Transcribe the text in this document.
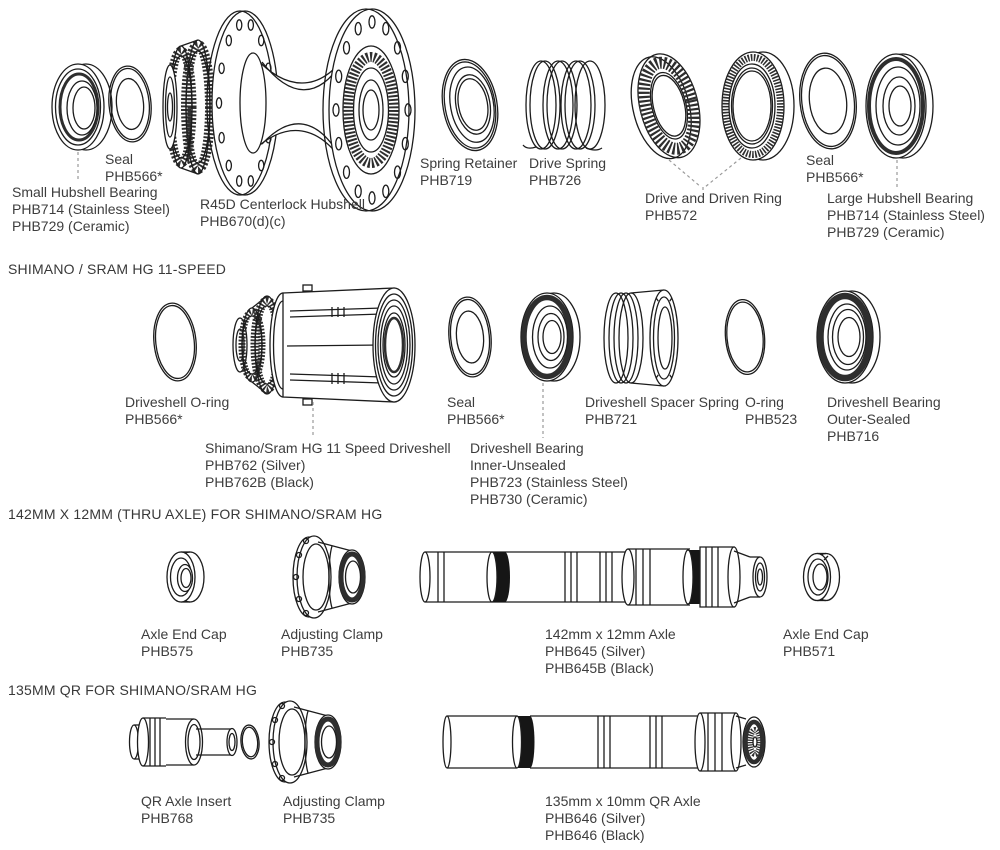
Seal
PHB566*
Small Hubshell Bearing
PHB714 (Stainless Steel)
PHB729 (Ceramic)
R45D Centerlock Hubshell
PHB670(d)(c)
Spring Retainer
PHB719
Drive Spring
PHB726
Drive and Driven Ring
PHB572
Seal
PHB566*
Large Hubshell Bearing
PHB714 (Stainless Steel)
PHB729 (Ceramic)
SHIMANO / SRAM HG 11-SPEED
Driveshell O-ring
PHB566*
Shimano/Sram HG 11 Speed Driveshell
PHB762 (Silver)
PHB762B (Black)
Seal
PHB566*
Driveshell Bearing
Inner-Unsealed
PHB723 (Stainless Steel)
PHB730 (Ceramic)
Driveshell Spacer Spring
PHB721
O-ring
PHB523
Driveshell Bearing
Outer-Sealed
PHB716
142MM X 12MM (THRU AXLE) FOR SHIMANO/SRAM HG
Axle End Cap
PHB575
Adjusting Clamp
PHB735
142mm x 12mm Axle
PHB645 (Silver)
PHB645B (Black)
Axle End Cap
PHB571
135MM QR FOR SHIMANO/SRAM HG
QR Axle Insert
PHB768
Adjusting Clamp
PHB735
135mm x 10mm QR Axle
PHB646 (Silver)
PHB646 (Black)
